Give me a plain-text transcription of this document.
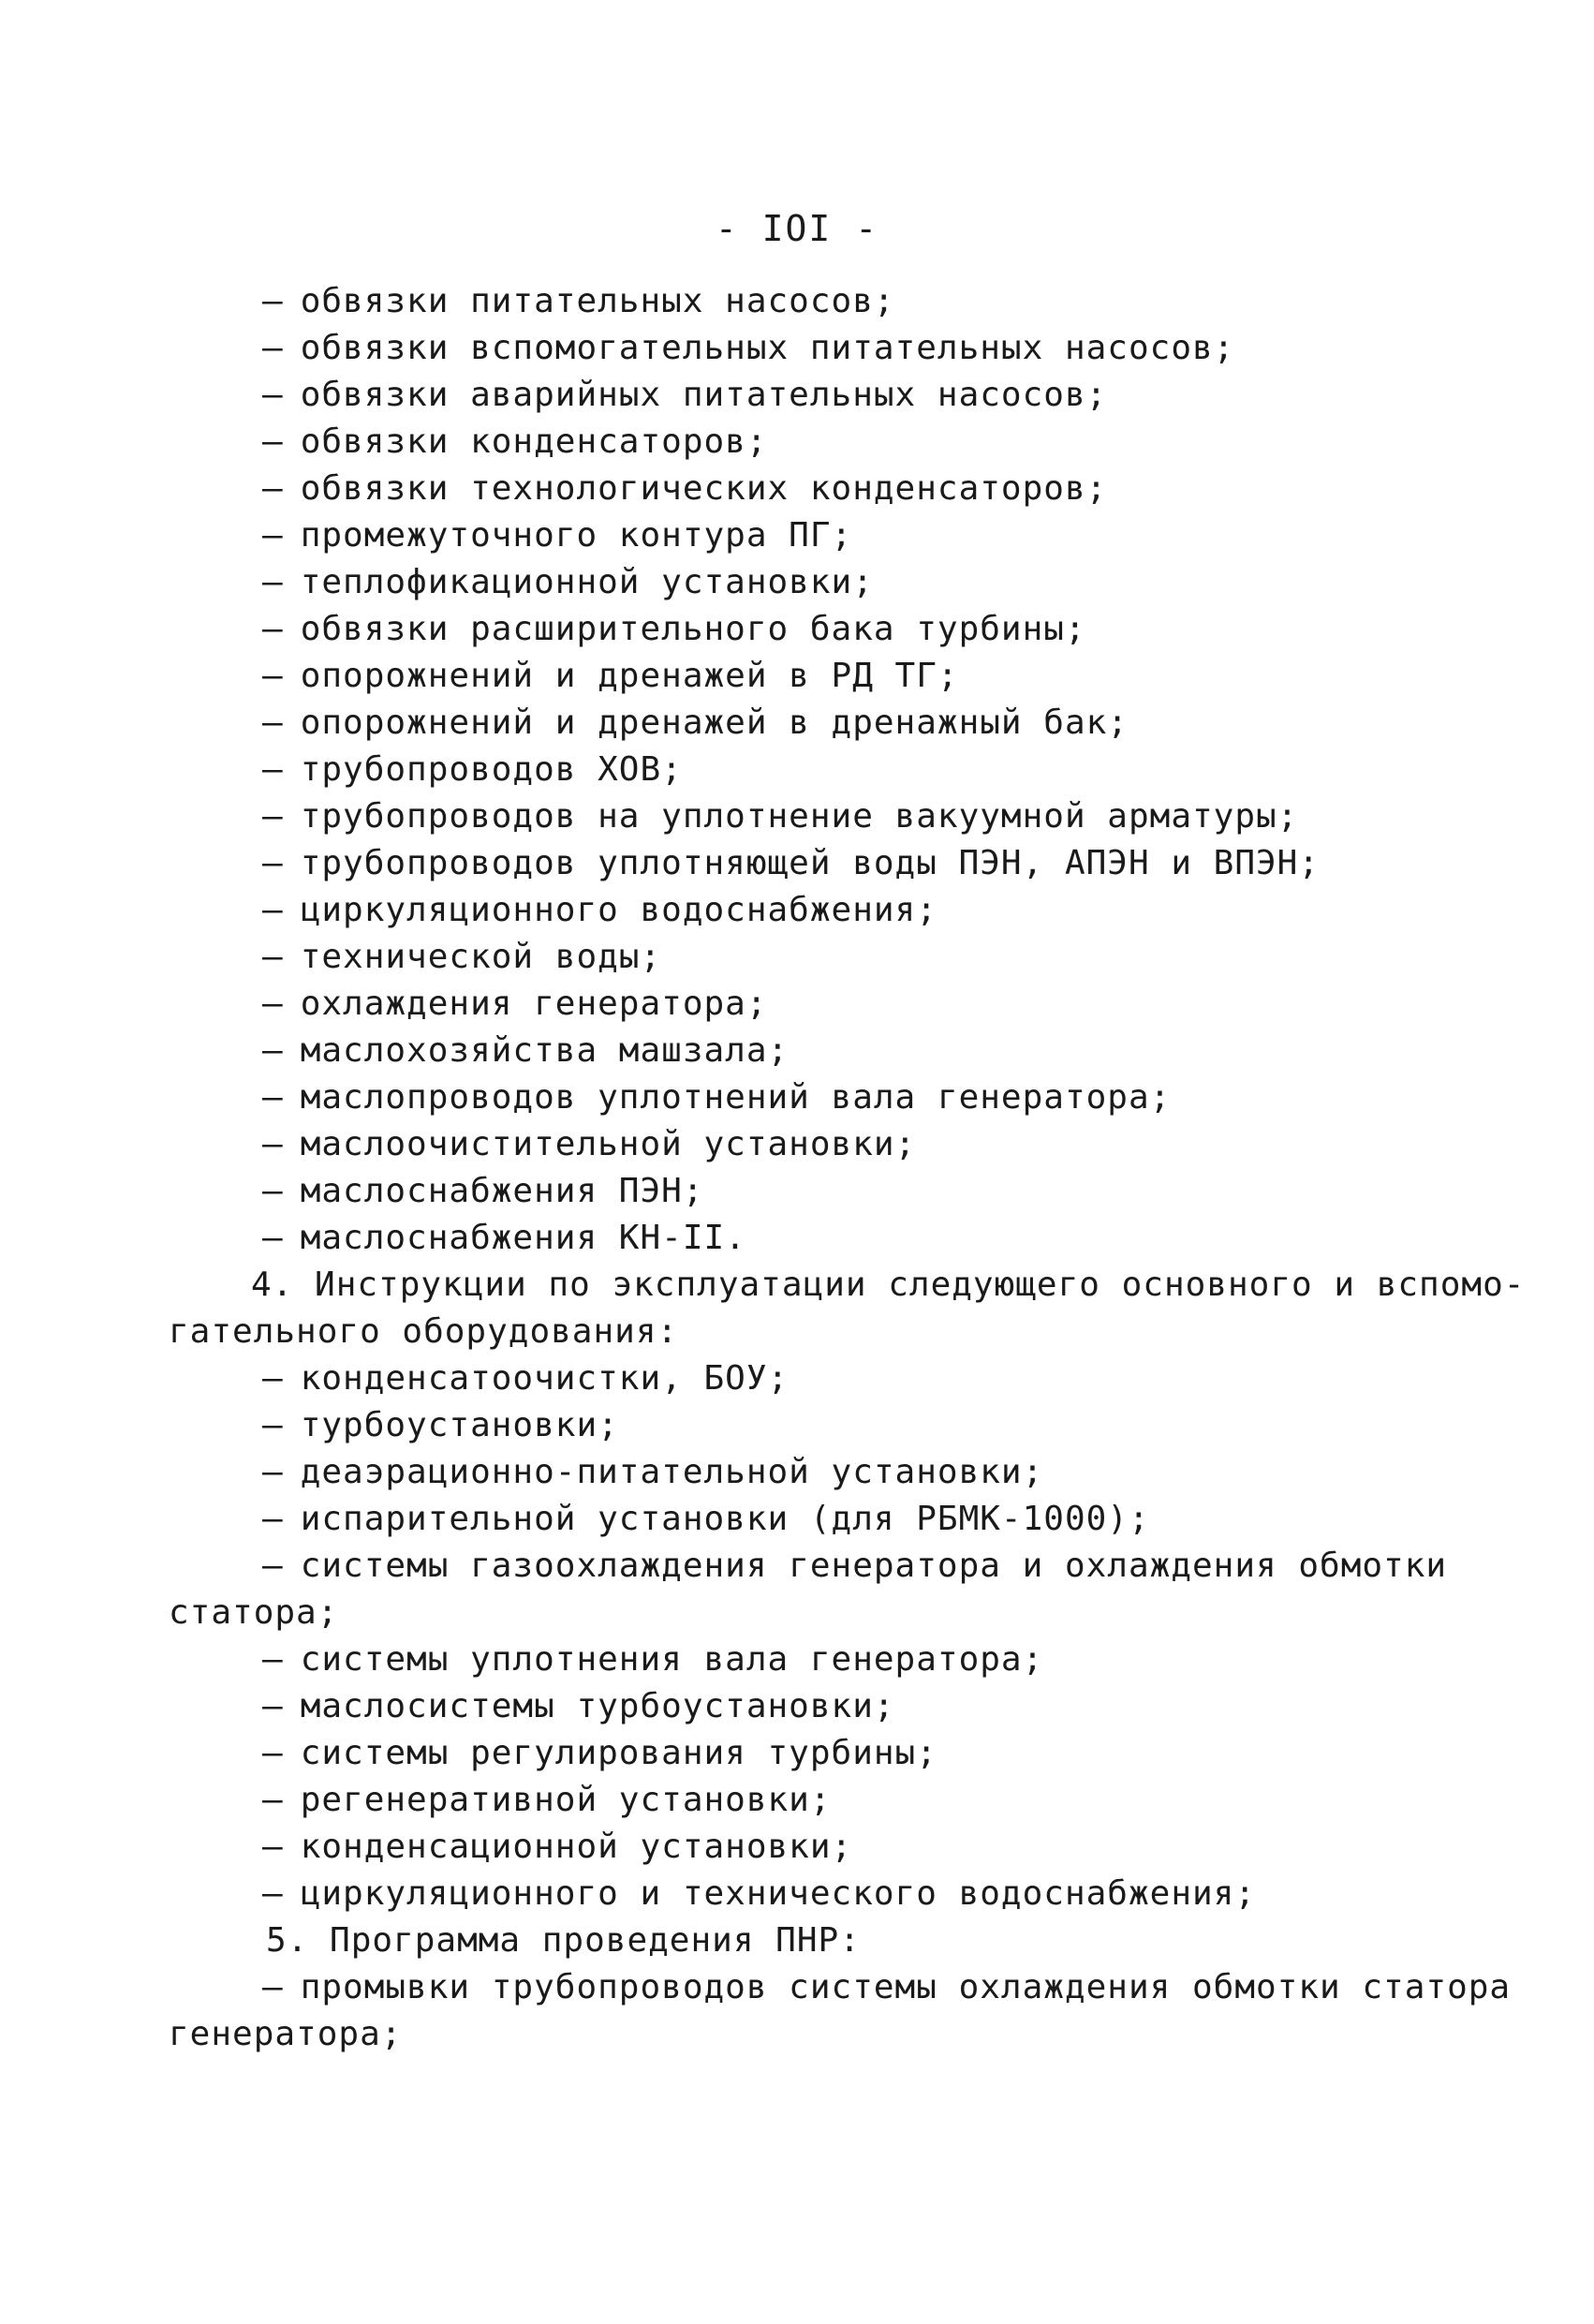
- IOI -
– обвязки питательных насосов;
– обвязки вспомогательных питательных насосов;
– обвязки аварийных питательных насосов;
– обвязки конденсаторов;
– обвязки технологических конденсаторов;
– промежуточного контура ПГ;
– теплофикационной установки;
– обвязки расширительного бака турбины;
– опорожнений и дренажей в РД ТГ;
– опорожнений и дренажей в дренажный бак;
– трубопроводов ХОВ;
– трубопроводов на уплотнение вакуумной арматуры;
– трубопроводов уплотняющей воды ПЭН, АПЭН и ВПЭН;
– циркуляционного водоснабжения;
– технической воды;
– охлаждения генератора;
– маслохозяйства машзала;
– маслопроводов уплотнений вала генератора;
– маслоочистительной установки;
– маслоснабжения ПЭН;
– маслоснабжения КН-II.
4. Инструкции по эксплуатации следующего основного и вспомо-
гательного оборудования:
– конденсатоочистки, БОУ;
– турбоустановки;
– деаэрационно-питательной установки;
– испарительной установки (для РБМК-1000);
– системы газоохлаждения генератора и охлаждения обмотки
статора;
– системы уплотнения вала генератора;
– маслосистемы турбоустановки;
– системы регулирования турбины;
– регенеративной установки;
– конденсационной установки;
– циркуляционного и технического водоснабжения;
5. Программа проведения ПНР:
– промывки трубопроводов системы охлаждения обмотки статора
генератора;
